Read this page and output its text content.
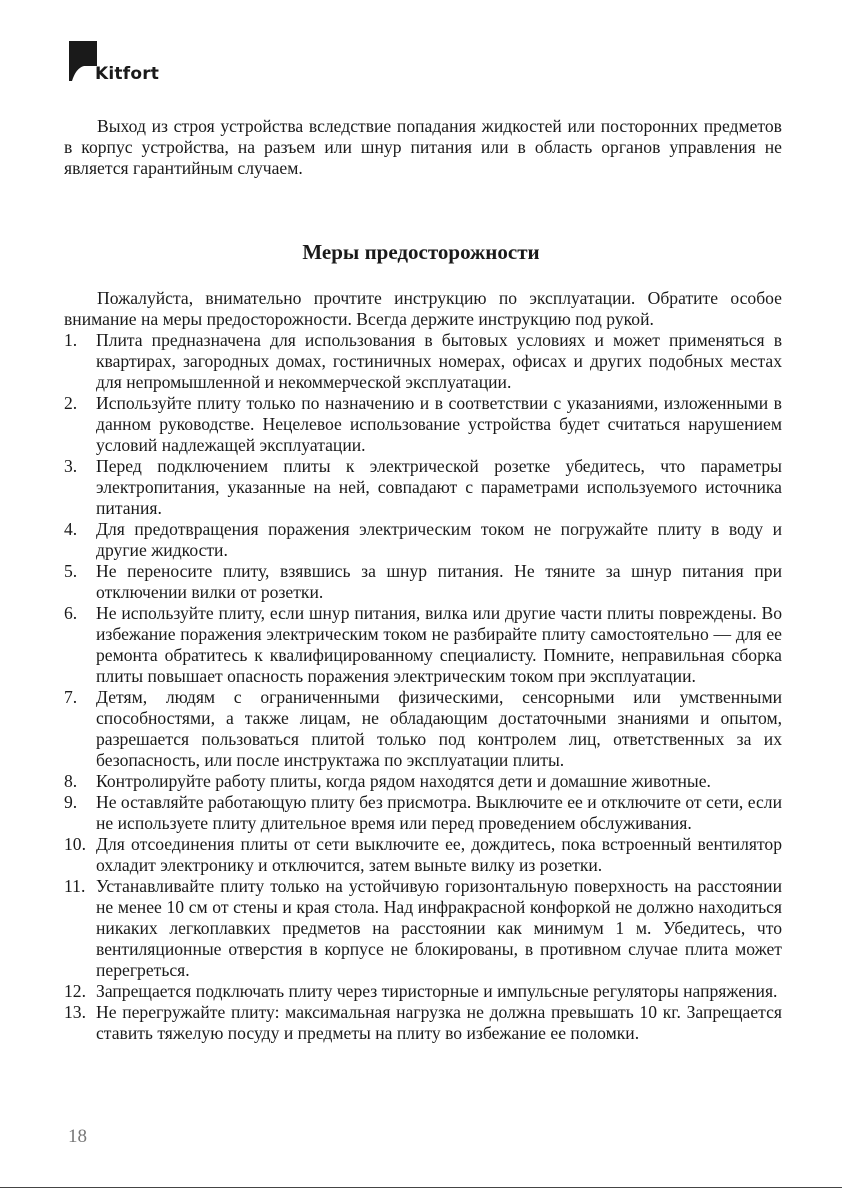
Kitfort

Выход из строя устройства вследствие попадания жидкостей или посторонних предметов в корпус устройства, на разъем или шнур питания или в область органов управления не является гарантийным случаем.

Меры предосторожности

Пожалуйста, внимательно прочтите инструкцию по эксплуатации. Обратите особое внимание на меры предосторожности. Всегда держите инструкцию под рукой.

1. Плита предназначена для использования в бытовых условиях и может применяться в квартирах, загородных домах, гостиничных номерах, офисах и других подобных местах для непромышленной и некоммерческой эксплуатации.
2. Используйте плиту только по назначению и в соответствии с указаниями, изложенными в данном руководстве. Нецелевое использование устройства будет считаться нарушением условий надлежащей эксплуатации.
3. Перед подключением плиты к электрической розетке убедитесь, что параметры электропитания, указанные на ней, совпадают с параметрами используемого источника питания.
4. Для предотвращения поражения электрическим током не погружайте плиту в воду и другие жидкости.
5. Не переносите плиту, взявшись за шнур питания. Не тяните за шнур питания при отключении вилки от розетки.
6. Не используйте плиту, если шнур питания, вилка или другие части плиты повреждены. Во избежание поражения электрическим током не разбирайте плиту самостоятельно — для ее ремонта обратитесь к квалифицированному специалисту. Помните, неправильная сборка плиты повышает опасность поражения электрическим током при эксплуатации.
7. Детям, людям с ограниченными физическими, сенсорными или умственными способностями, а также лицам, не обладающим достаточными знаниями и опытом, разрешается пользоваться плитой только под контролем лиц, ответственных за их безопасность, или после инструктажа по эксплуатации плиты.
8. Контролируйте работу плиты, когда рядом находятся дети и домашние животные.
9. Не оставляйте работающую плиту без присмотра. Выключите ее и отключите от сети, если не используете плиту длительное время или перед проведением обслуживания.
10. Для отсоединения плиты от сети выключите ее, дождитесь, пока встроенный вентилятор охладит электронику и отключится, затем выньте вилку из розетки.
11. Устанавливайте плиту только на устойчивую горизонтальную поверхность на расстоянии не менее 10 см от стены и края стола. Над инфракрасной конфоркой не должно находиться никаких легкоплавких предметов на расстоянии как минимум 1 м. Убедитесь, что вентиляционные отверстия в корпусе не блокированы, в противном случае плита может перегреться.
12. Запрещается подключать плиту через тиристорные и импульсные регуляторы напряжения.
13. Не перегружайте плиту: максимальная нагрузка не должна превышать 10 кг. Запрещается ставить тяжелую посуду и предметы на плиту во избежание ее поломки.
18
